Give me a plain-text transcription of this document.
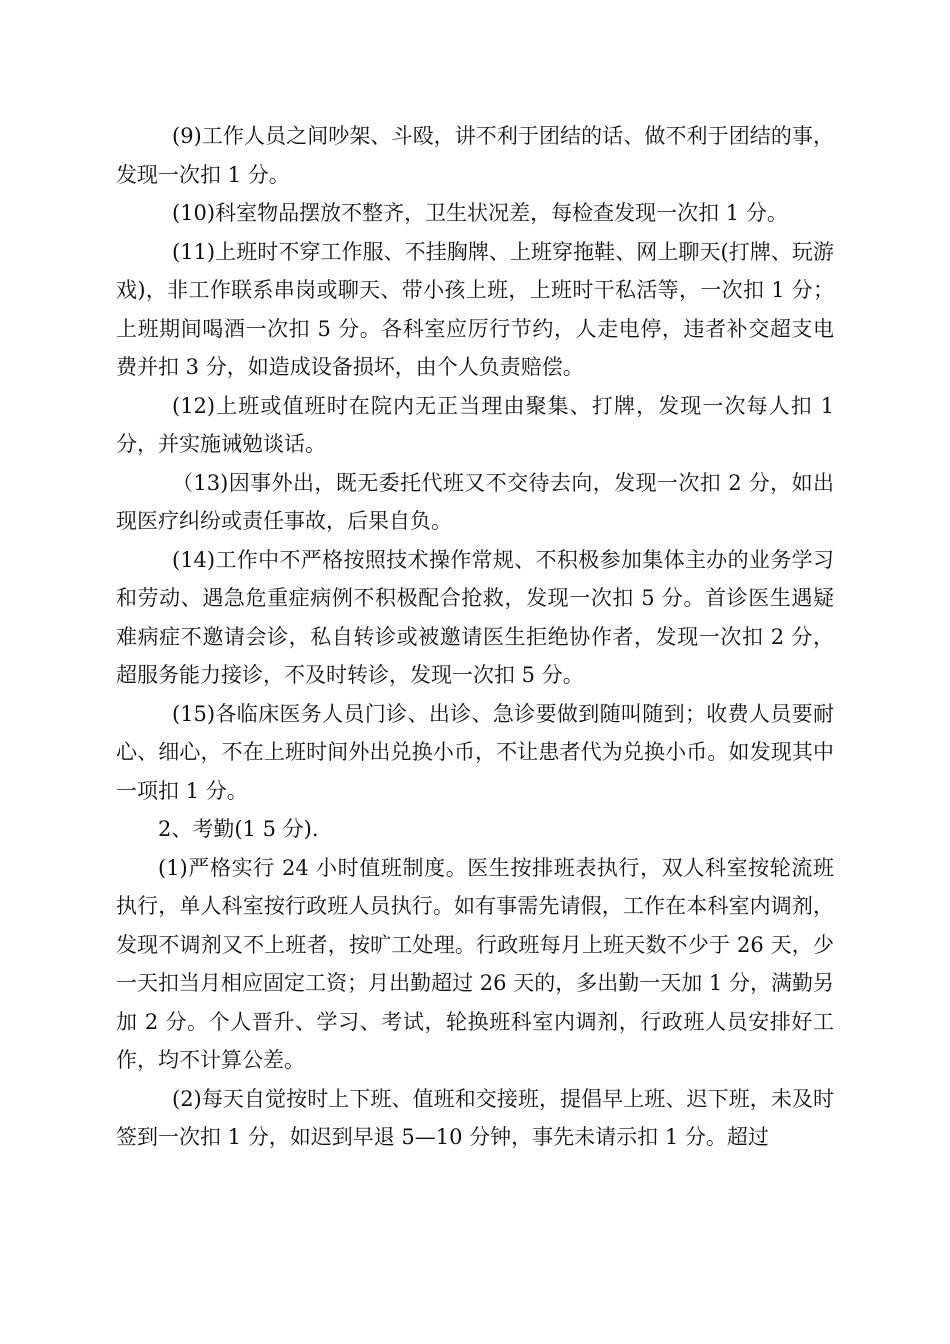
(9)工作人员之间吵架、斗殴，讲不利于团结的话、做不利于团结的事，发现一次扣 1 分。

(10)科室物品摆放不整齐，卫生状况差，每检查发现一次扣 1 分。

(11)上班时不穿工作服、不挂胸牌、上班穿拖鞋、网上聊天(打牌、玩游戏)，非工作联系串岗或聊天、带小孩上班，上班时干私活等，一次扣 1 分；上班期间喝酒一次扣 5 分。各科室应厉行节约，人走电停，违者补交超支电费并扣 3 分，如造成设备损坏，由个人负责赔偿。

(12)上班或值班时在院内无正当理由聚集、打牌，发现一次每人扣 1 分，并实施诫勉谈话。

（13)因事外出，既无委托代班又不交待去向，发现一次扣 2 分，如出现医疗纠纷或责任事故，后果自负。

(14)工作中不严格按照技术操作常规、不积极参加集体主办的业务学习和劳动、遇急危重症病例不积极配合抢救，发现一次扣 5 分。首诊医生遇疑难病症不邀请会诊，私自转诊或被邀请医生拒绝协作者，发现一次扣 2 分，超服务能力接诊，不及时转诊，发现一次扣 5 分。

(15)各临床医务人员门诊、出诊、急诊要做到随叫随到；收费人员要耐心、细心，不在上班时间外出兑换小币，不让患者代为兑换小币。如发现其中一项扣 1 分。

2、考勤(1 5 分).

(1)严格实行 24 小时值班制度。医生按排班表执行，双人科室按轮流班执行，单人科室按行政班人员执行。如有事需先请假，工作在本科室内调剂，发现不调剂又不上班者，按旷工处理。行政班每月上班天数不少于 26 天，少一天扣当月相应固定工资；月出勤超过 26 天的，多出勤一天加 1 分，满勤另加 2 分。个人晋升、学习、考试，轮换班科室内调剂，行政班人员安排好工作，均不计算公差。

(2)每天自觉按时上下班、值班和交接班，提倡早上班、迟下班，未及时签到一次扣 1 分，如迟到早退 5—10 分钟，事先未请示扣 1 分。超过
